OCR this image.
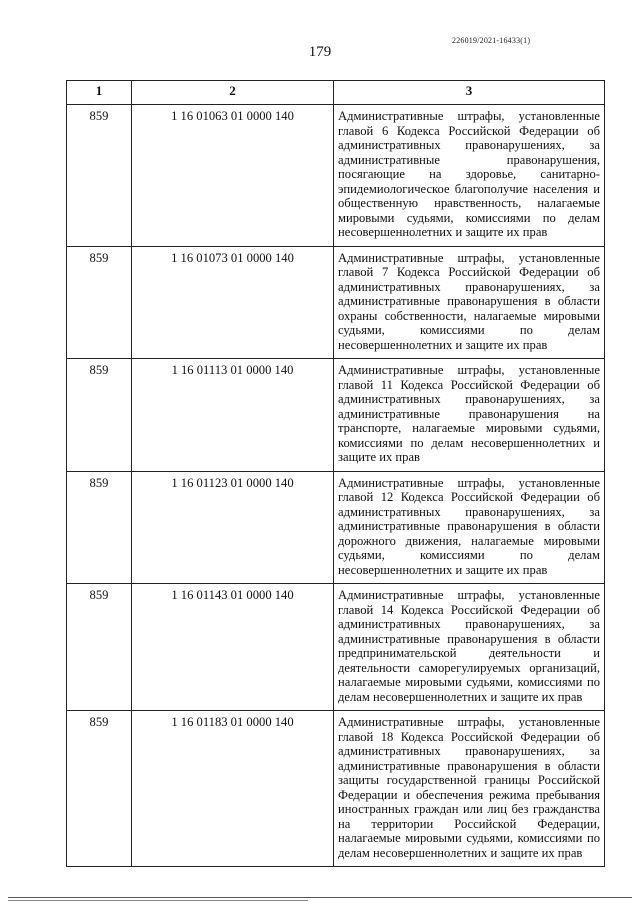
226019/2021-16433(1)
179
1	2	3
859	1 16 01063 01 0000 140	Административные штрафы, установленные главой 6 Кодекса Российской Федерации об административных правонарушениях, за административные правонарушения, посягающие на здоровье, санитарно-эпидемиологическое благополучие населения и общественную нравственность, налагаемые мировыми судьями, комиссиями по делам несовершеннолетних и защите их прав
859	1 16 01073 01 0000 140	Административные штрафы, установленные главой 7 Кодекса Российской Федерации об административных правонарушениях, за административные правонарушения в области охраны собственности, налагаемые мировыми судьями, комиссиями по делам несовершеннолетних и защите их прав
859	1 16 01113 01 0000 140	Административные штрафы, установленные главой 11 Кодекса Российской Федерации об административных правонарушениях, за административные правонарушения на транспорте, налагаемые мировыми судьями, комиссиями по делам несовершеннолетних и защите их прав
859	1 16 01123 01 0000 140	Административные штрафы, установленные главой 12 Кодекса Российской Федерации об административных правонарушениях, за административные правонарушения в области дорожного движения, налагаемые мировыми судьями, комиссиями по делам несовершеннолетних и защите их прав
859	1 16 01143 01 0000 140	Административные штрафы, установленные главой 14 Кодекса Российской Федерации об административных правонарушениях, за административные правонарушения в области предпринимательской деятельности и деятельности саморегулируемых организаций, налагаемые мировыми судьями, комиссиями по делам несовершеннолетних и защите их прав
859	1 16 01183 01 0000 140	Административные штрафы, установленные главой 18 Кодекса Российской Федерации об административных правонарушениях, за административные правонарушения в области защиты государственной границы Российской Федерации и обеспечения режима пребывания иностранных граждан или лиц без гражданства на территории Российской Федерации, налагаемые мировыми судьями, комиссиями по делам несовершеннолетних и защите их прав
